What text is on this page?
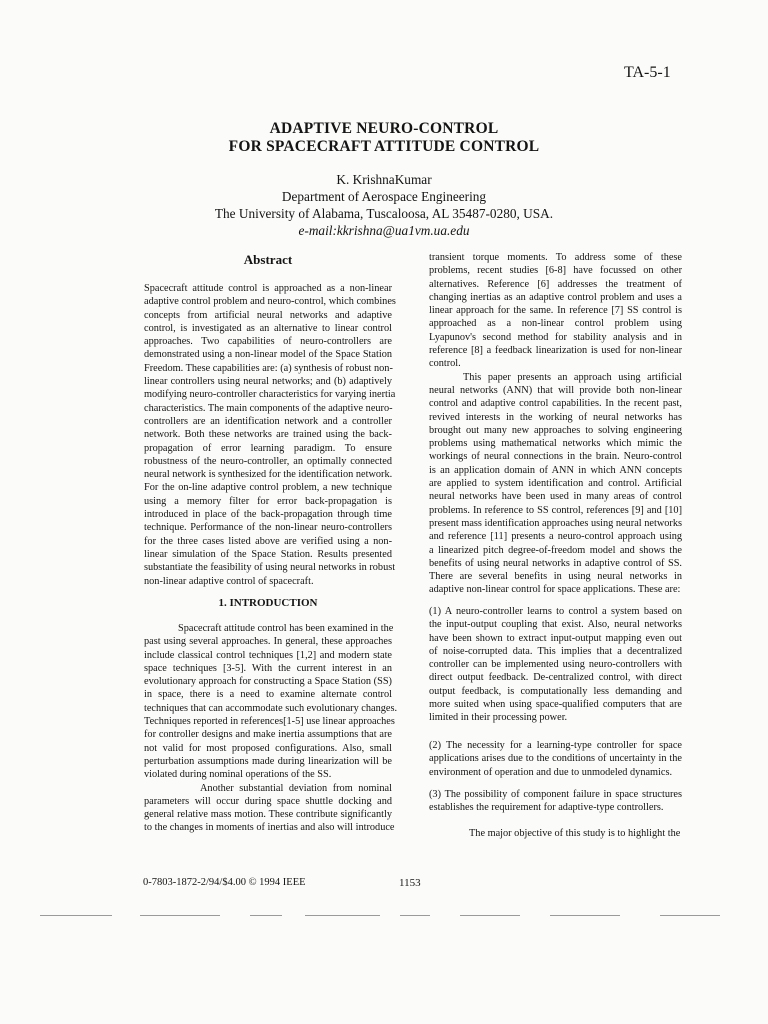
TA-5-1
ADAPTIVE NEURO-CONTROL
FOR SPACECRAFT ATTITUDE CONTROL
K. KrishnaKumar
Department of Aerospace Engineering
The University of Alabama, Tuscaloosa, AL 35487-0280, USA.
e-mail:kkrishna@ua1vm.ua.edu
Abstract
Spacecraft attitude control is approached as a non-linear
adaptive control problem and neuro-control, which combines
concepts from artificial neural networks and adaptive
control, is investigated as an alternative to linear control
approaches. Two capabilities of neuro-controllers are
demonstrated using a non-linear model of the Space Station
Freedom. These capabilities are: (a) synthesis of robust non-
linear controllers using neural networks; and (b) adaptively
modifying neuro-controller characteristics for varying inertia
characteristics. The main components of the adaptive neuro-
controllers are an identification network and a controller
network. Both these networks are trained using the back-
propagation of error learning paradigm. To ensure
robustness of the neuro-controller, an optimally connected
neural network is synthesized for the identification network.
For the on-line adaptive control problem, a new technique
using a memory filter for error back-propagation is
introduced in place of the back-propagation through time
technique. Performance of the non-linear neuro-controllers
for the three cases listed above are verified using a non-
linear simulation of the Space Station. Results presented
substantiate the feasibility of using neural networks in robust
non-linear adaptive control of spacecraft.
1. INTRODUCTION
Spacecraft attitude control has been examined in the
past using several approaches. In general, these approaches
include classical control techniques [1,2] and modern state
space techniques [3-5]. With the current interest in an
evolutionary approach for constructing a Space Station (SS)
in space, there is a need to examine alternate control
techniques that can accommodate such evolutionary changes.
Techniques reported in references[1-5] use linear approaches
for controller designs and make inertia assumptions that are
not valid for most proposed configurations. Also, small
perturbation assumptions made during linearization will be
violated during nominal operations of the SS.
Another substantial deviation from nominal
parameters will occur during space shuttle docking and
general relative mass motion. These contribute significantly
to the changes in moments of inertias and also will introduce
transient torque moments. To address some of these
problems, recent studies [6-8] have focussed on other
alternatives. Reference [6] addresses the treatment of
changing inertias as an adaptive control problem and uses a
linear approach for the same. In reference [7] SS control is
approached as a non-linear control problem using
Lyapunov's second method for stability analysis and in
reference [8] a feedback linearization is used for non-linear
control.
This paper presents an approach using artificial
neural networks (ANN) that will provide both non-linear
control and adaptive control capabilities. In the recent past,
revived interests in the working of neural networks has
brought out many new approaches to solving engineering
problems using mathematical networks which mimic the
workings of neural connections in the brain. Neuro-control
is an application domain of ANN in which ANN concepts
are applied to system identification and control. Artificial
neural networks have been used in many areas of control
problems. In reference to SS control, references [9] and [10]
present mass identification approaches using neural networks
and reference [11] presents a neuro-control approach using
a linearized pitch degree-of-freedom model and shows the
benefits of using neural networks in adaptive control of SS.
There are several benefits in using neural networks in
adaptive non-linear control for space applications. These are:
(1) A neuro-controller learns to control a system based on
the input-output coupling that exist. Also, neural networks
have been shown to extract input-output mapping even out
of noise-corrupted data. This implies that a decentralized
controller can be implemented using neuro-controllers with
direct output feedback. De-centralized control, with direct
output feedback, is computationally less demanding and
more suited when using space-qualified computers that are
limited in their processing power.
(2) The necessity for a learning-type controller for space
applications arises due to the conditions of uncertainty in the
environment of operation and due to unmodeled dynamics.
(3) The possibility of component failure in space structures
establishes the requirement for adaptive-type controllers.
The major objective of this study is to highlight the
0-7803-1872-2/94/$4.00 © 1994 IEEE	1153
